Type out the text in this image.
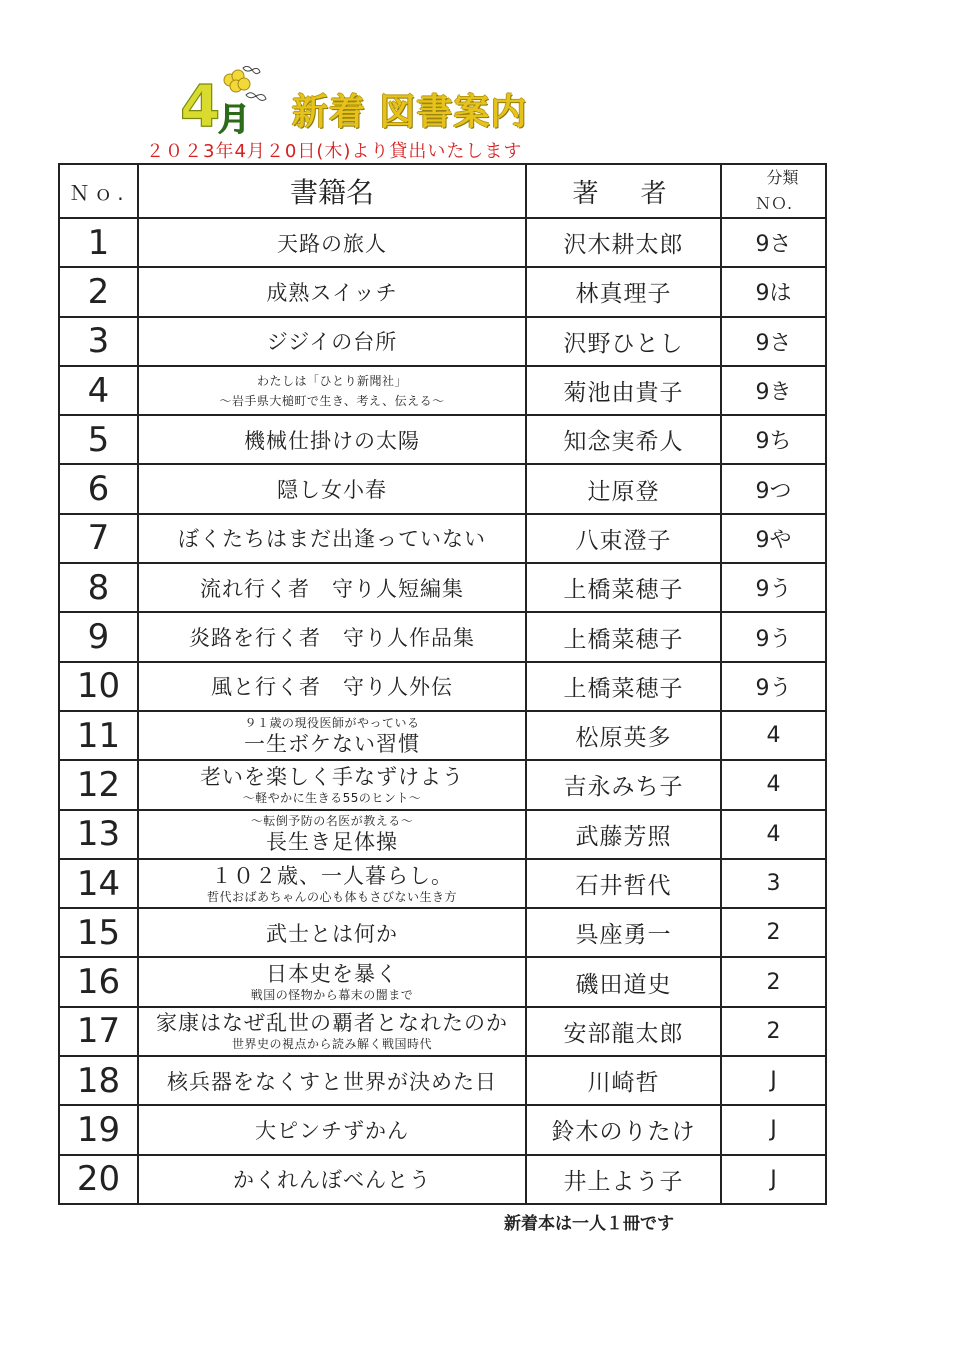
4
月 新着 図書案内
２０２3年4月２0日(木)より貸出いたします
Ｎｏ.	書籍名	著　者	分類
ＮＯ.

1	天路の旅人	沢木耕太郎	9さ
2	成熟スイッチ	林真理子	9は
3	ジジイの台所	沢野ひとし	9さ
4	わたしは「ひとり新聞社」
～岩手県大槌町で生き、考え、伝える～	菊池由貴子	9き
5	機械仕掛けの太陽	知念実希人	9ち
6	隠し女小春	辻原登	9つ
7	ぼくたちはまだ出逢っていない	八束澄子	9や
8	流れ行く者　守り人短編集	上橋菜穂子	9う
9	炎路を行く者　守り人作品集	上橋菜穂子	9う
10	風と行く者　守り人外伝	上橋菜穂子	9う
11	９１歳の現役医師がやっている
一生ボケない習慣	松原英多	4
12	老いを楽しく手なずけよう
～軽やかに生きる55のヒント～	吉永みち子	4
13	～転倒予防の名医が教える～
長生き足体操	武藤芳照	4
14	１０２歳、一人暮らし。
哲代おばあちゃんの心も体もさびない生き方	石井哲代	3
15	武士とは何か	呉座勇一	2
16	日本史を暴く
戦国の怪物から幕末の闇まで	磯田道史	2
17	家康はなぜ乱世の覇者となれたのか
世界史の視点から読み解く戦国時代	安部龍太郎	2
18	核兵器をなくすと世界が決めた日	川崎哲	J
19	大ピンチずかん	鈴木のりたけ	J
20	かくれんぼべんとう	井上よう子	J
新着本は一人１冊です
